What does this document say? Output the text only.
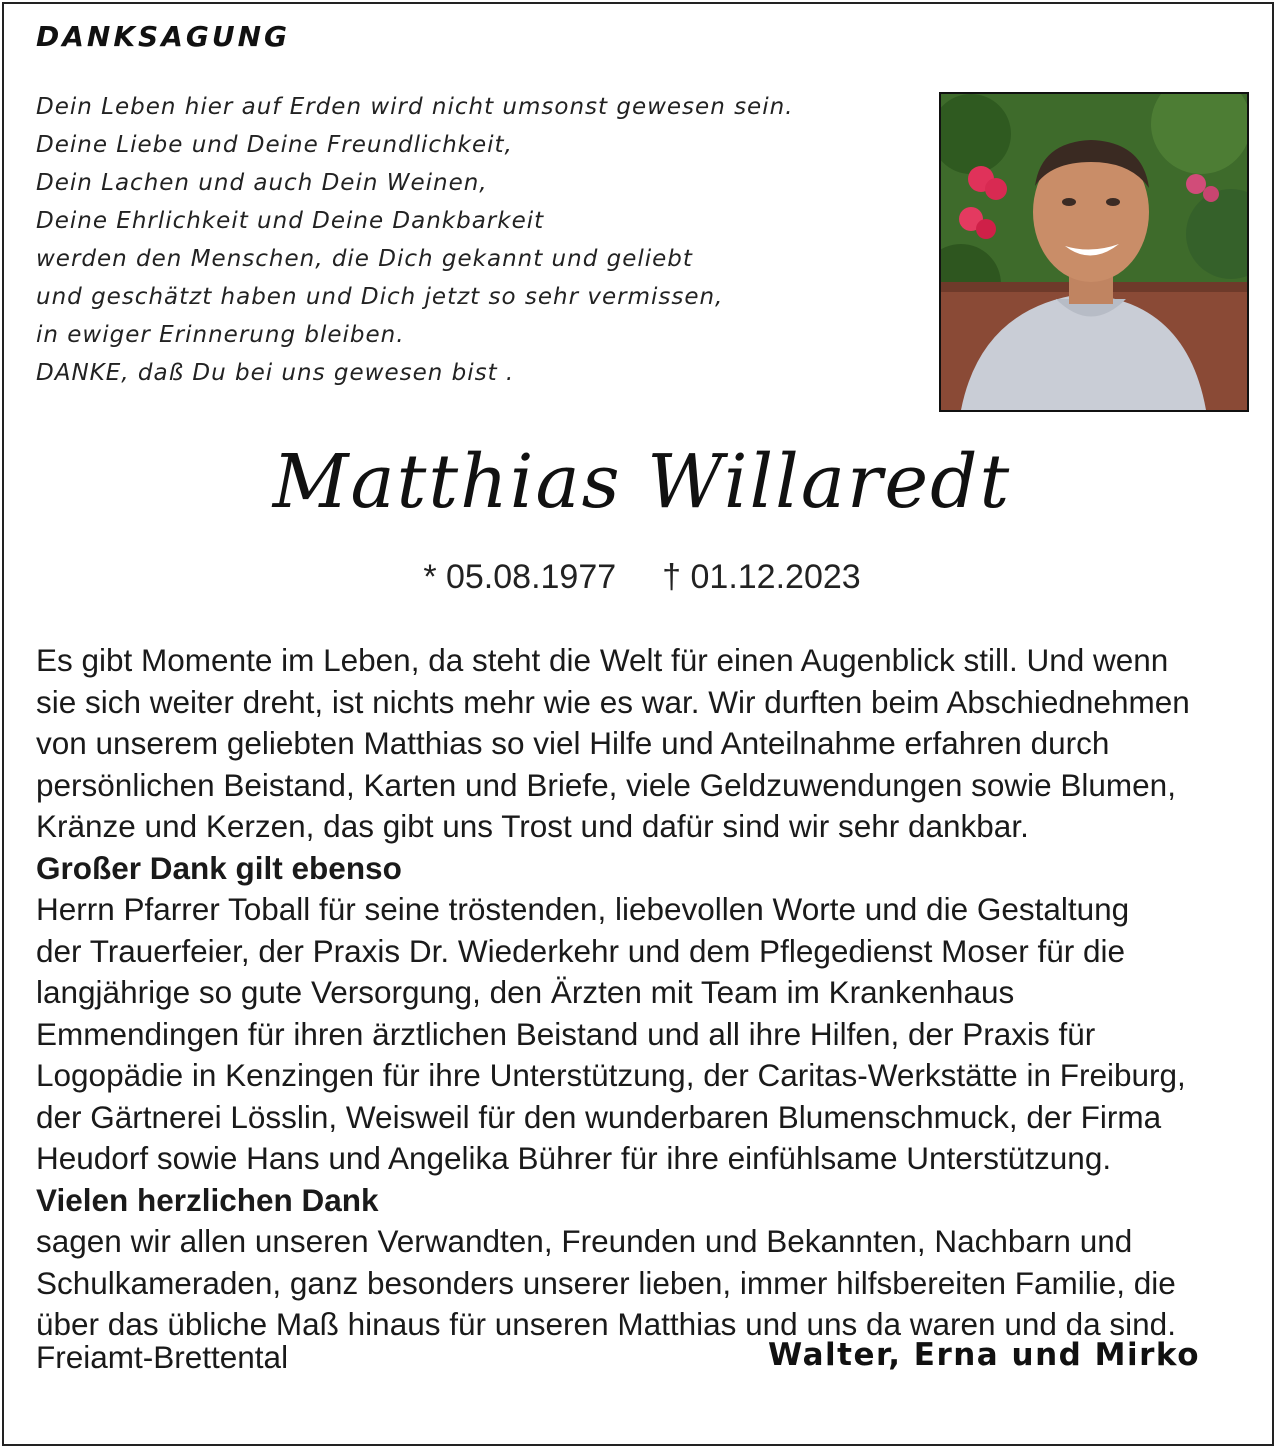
DANKSAGUNG
Dein Leben hier auf Erden wird nicht umsonst gewesen sein.
Deine Liebe und Deine Freundlichkeit,
Dein Lachen und auch Dein Weinen,
Deine Ehrlichkeit und Deine Dankbarkeit
werden den Menschen, die Dich gekannt und geliebt
und geschätzt haben und Dich jetzt so sehr vermissen,
in ewiger Erinnerung bleiben.
DANKE, daß Du bei uns gewesen bist .
Matthias Willaredt
* 05.08.1977 † 01.12.2023
Es gibt Momente im Leben, da steht die Welt für einen Augenblick still. Und wenn
sie sich weiter dreht, ist nichts mehr wie es war. Wir durften beim Abschiednehmen
von unserem geliebten Matthias so viel Hilfe und Anteilnahme erfahren durch
persönlichen Beistand, Karten und Briefe, viele Geldzuwendungen sowie Blumen,
Kränze und Kerzen, das gibt uns Trost und dafür sind wir sehr dankbar.
Großer Dank gilt ebenso
Herrn Pfarrer Toball für seine tröstenden, liebevollen Worte und die Gestaltung
der Trauerfeier, der Praxis Dr. Wiederkehr und dem Pflegedienst Moser für die
langjährige so gute Versorgung, den Ärzten mit Team im Krankenhaus
Emmendingen für ihren ärztlichen Beistand und all ihre Hilfen, der Praxis für
Logopädie in Kenzingen für ihre Unterstützung, der Caritas-Werkstätte in Freiburg,
der Gärtnerei Lösslin, Weisweil für den wunderbaren Blumenschmuck, der Firma
Heudorf sowie Hans und Angelika Bührer für ihre einfühlsame Unterstützung.
Vielen herzlichen Dank
sagen wir allen unseren Verwandten, Freunden und Bekannten, Nachbarn und
Schulkameraden, ganz besonders unserer lieben, immer hilfsbereiten Familie, die
über das übliche Maß hinaus für unseren Matthias und uns da waren und da sind.
Freiamt-Brettental	Walter, Erna und Mirko
